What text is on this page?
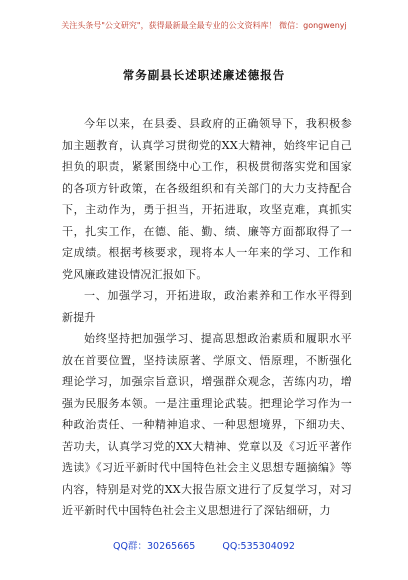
关注头条号"公文研究"，获得最新最全最专业的公文资料库！ 微信：gongwenyj
常务副县长述职述廉述德报告

今年以来，在县委、县政府的正确领导下，我积极参加主题教育，认真学习贯彻党的XX大精神，始终牢记自己担负的职责，紧紧围绕中心工作，积极贯彻落实党和国家的各项方针政策，在各级组织和有关部门的大力支持配合下，主动作为，勇于担当，开拓进取，攻坚克难，真抓实干，扎实工作，在德、能、勤、绩、廉等方面都取得了一定成绩。根据考核要求，现将本人一年来的学习、工作和党风廉政建设情况汇报如下。

一、加强学习，开拓进取，政治素养和工作水平得到新提升

始终坚持把加强学习、提高思想政治素质和履职水平放在首要位置，坚持读原著、学原文、悟原理，不断强化理论学习，加强宗旨意识，增强群众观念，苦练内功，增强为民服务本领。一是注重理论武装。把理论学习作为一种政治责任、一种精神追求、一种思想境界，下细功夫、苦功夫，认真学习党的XX大精神、党章以及《习近平著作选读》《习近平新时代中国特色社会主义思想专题摘编》等内容，特别是对党的XX大报告原文进行了反复学习，对习近平新时代中国特色社会主义思想进行了深钻细研，力

QQ群：30265665	QQ:535304092
